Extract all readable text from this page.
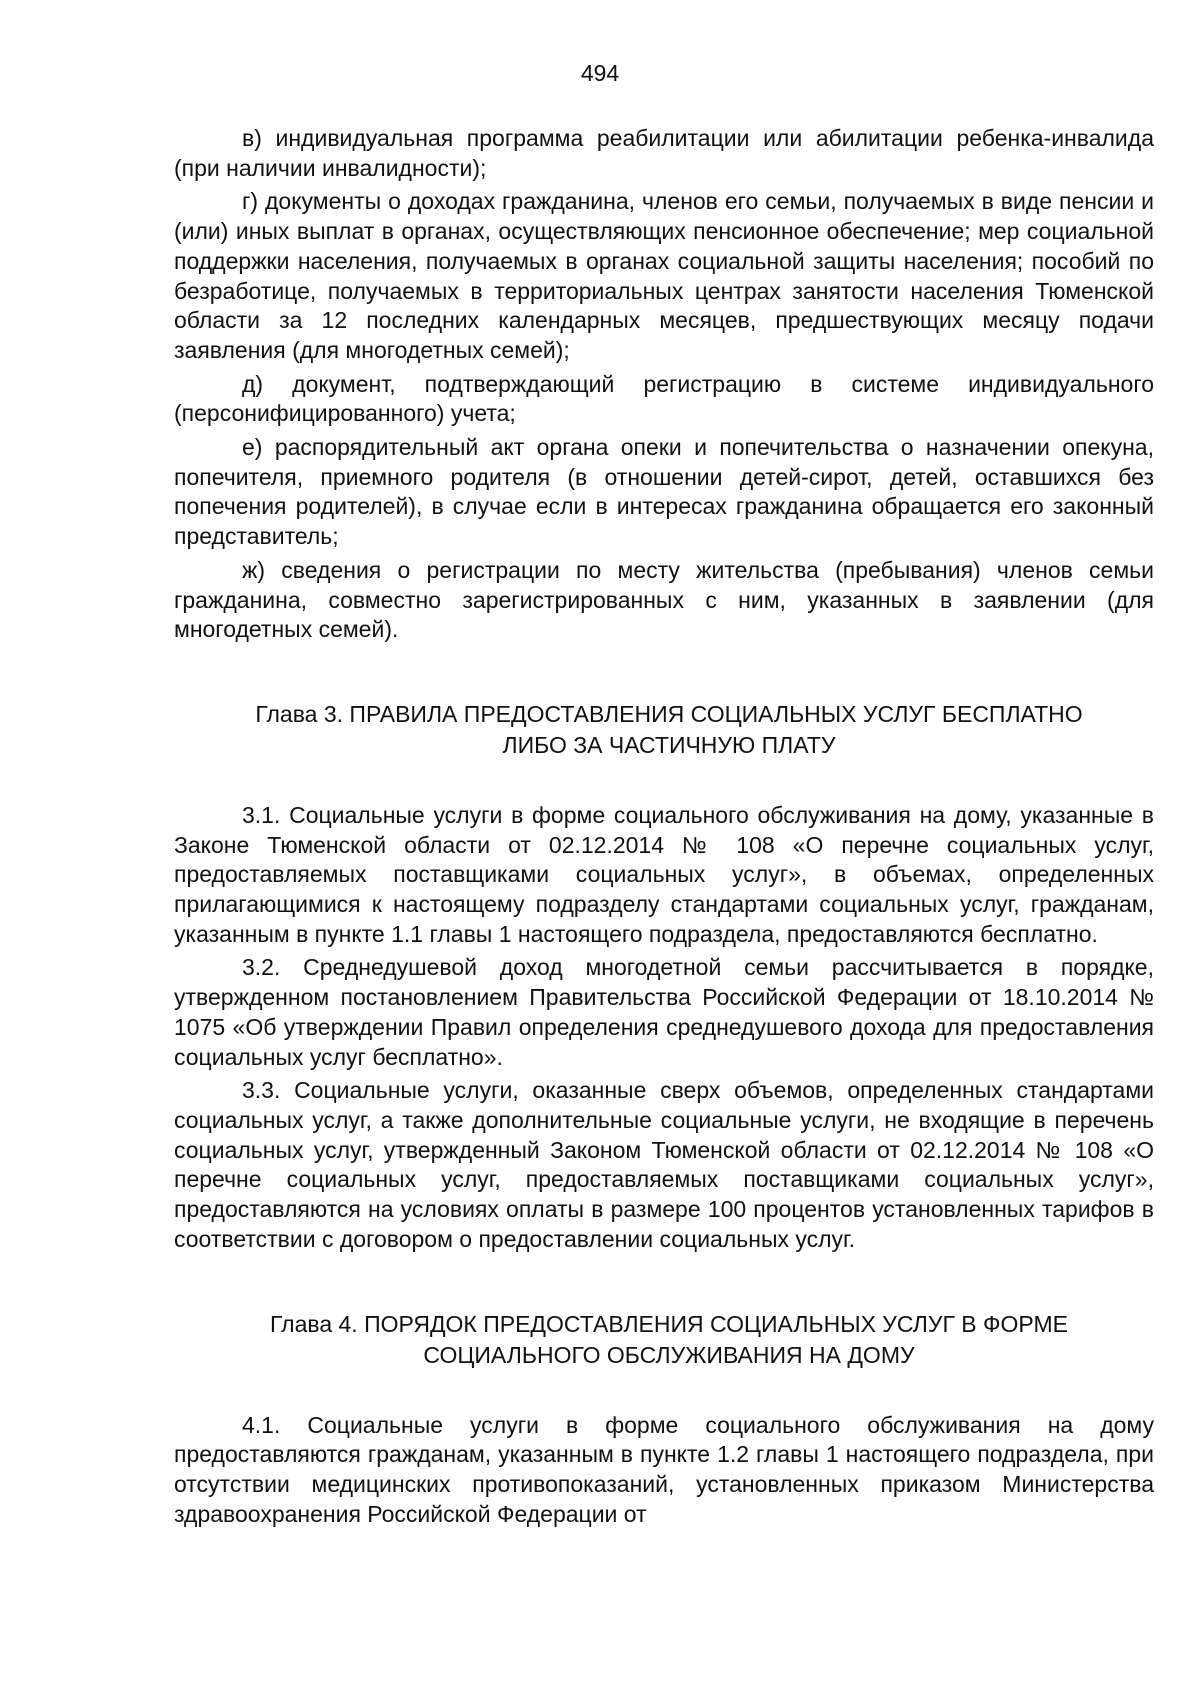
494

в) индивидуальная программа реабилитации или абилитации ребенка-инвалида (при наличии инвалидности);

г) документы о доходах гражданина, членов его семьи, получаемых в виде пенсии и (или) иных выплат в органах, осуществляющих пенсионное обеспечение; мер социальной поддержки населения, получаемых в органах социальной защиты населения; пособий по безработице, получаемых в территориальных центрах занятости населения Тюменской области за 12 последних календарных месяцев, предшествующих месяцу подачи заявления (для многодетных семей);

д) документ, подтверждающий регистрацию в системе индивидуального (персонифицированного) учета;

е) распорядительный акт органа опеки и попечительства о назначении опекуна, попечителя, приемного родителя (в отношении детей-сирот, детей, оставшихся без попечения родителей), в случае если в интересах гражданина обращается его законный представитель;

ж) сведения о регистрации по месту жительства (пребывания) членов семьи гражданина, совместно зарегистрированных с ним, указанных в заявлении (для многодетных семей).

Глава 3. ПРАВИЛА ПРЕДОСТАВЛЕНИЯ СОЦИАЛЬНЫХ УСЛУГ БЕСПЛАТНО
ЛИБО ЗА ЧАСТИЧНУЮ ПЛАТУ

3.1. Социальные услуги в форме социального обслуживания на дому, указанные в Законе Тюменской области от 02.12.2014 № 108 «О перечне социальных услуг, предоставляемых поставщиками социальных услуг», в объемах, определенных прилагающимися к настоящему подразделу стандартами социальных услуг, гражданам, указанным в пункте 1.1 главы 1 настоящего подраздела, предоставляются бесплатно.

3.2. Среднедушевой доход многодетной семьи рассчитывается в порядке, утвержденном постановлением Правительства Российской Федерации от 18.10.2014 № 1075 «Об утверждении Правил определения среднедушевого дохода для предоставления социальных услуг бесплатно».

3.3. Социальные услуги, оказанные сверх объемов, определенных стандартами социальных услуг, а также дополнительные социальные услуги, не входящие в перечень социальных услуг, утвержденный Законом Тюменской области от 02.12.2014 № 108 «О перечне социальных услуг, предоставляемых поставщиками социальных услуг», предоставляются на условиях оплаты в размере 100 процентов установленных тарифов в соответствии с договором о предоставлении социальных услуг.

Глава 4. ПОРЯДОК ПРЕДОСТАВЛЕНИЯ СОЦИАЛЬНЫХ УСЛУГ В ФОРМЕ
СОЦИАЛЬНОГО ОБСЛУЖИВАНИЯ НА ДОМУ

4.1. Социальные услуги в форме социального обслуживания на дому предоставляются гражданам, указанным в пункте 1.2 главы 1 настоящего подраздела, при отсутствии медицинских противопоказаний, установленных приказом Министерства здравоохранения Российской Федерации от
